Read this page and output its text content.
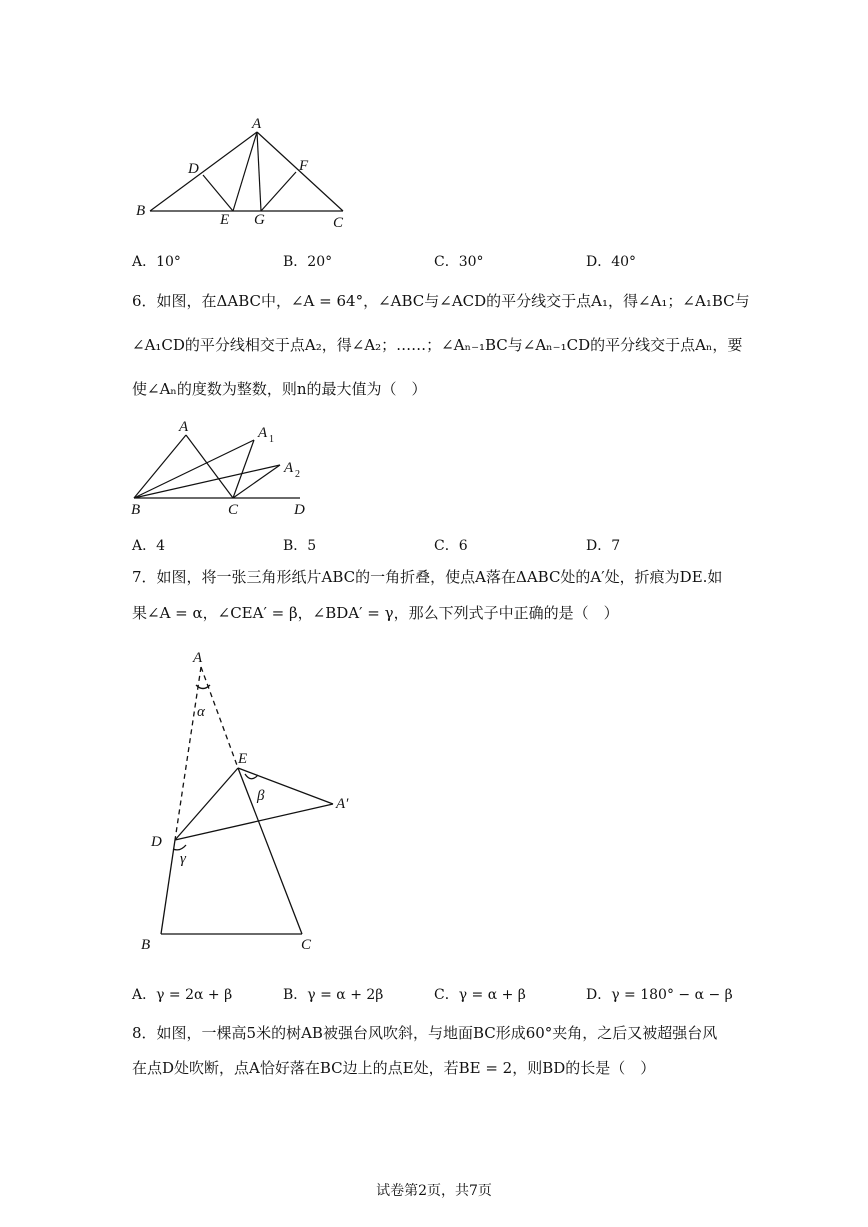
A
B
C
D
E
F
G
A．10°	B．20°	C．30°	D．40°
6．如图，在ΔABC中，∠A = 64°，∠ABC与∠ACD的平分线交于点A₁，得∠A₁；∠A₁BC与
∠A₁CD的平分线相交于点A₂，得∠A₂；……；∠Aₙ₋₁BC与∠Aₙ₋₁CD的平分线交于点Aₙ，要
使∠Aₙ的度数为整数，则n的最大值为（　）
A	A 1
A 2
B	C	D
A．4	B．5	C．6	D．7
7．如图，将一张三角形纸片ABC的一角折叠，使点A落在ΔABC处的A′处，折痕为DE.如
果∠A = α，∠CEA′ = β，∠BDA′ = γ，那么下列式子中正确的是（　）
A
α
E
β	A′
D
γ
B	C
A．γ = 2α + β	B．γ = α + 2β	C．γ = α + β	D．γ = 180° − α − β
8．如图，一棵高5米的树AB被强台风吹斜，与地面BC形成60°夹角，之后又被超强台风
在点D处吹断，点A恰好落在BC边上的点E处，若BE = 2，则BD的长是（　）
试卷第2页，共7页
